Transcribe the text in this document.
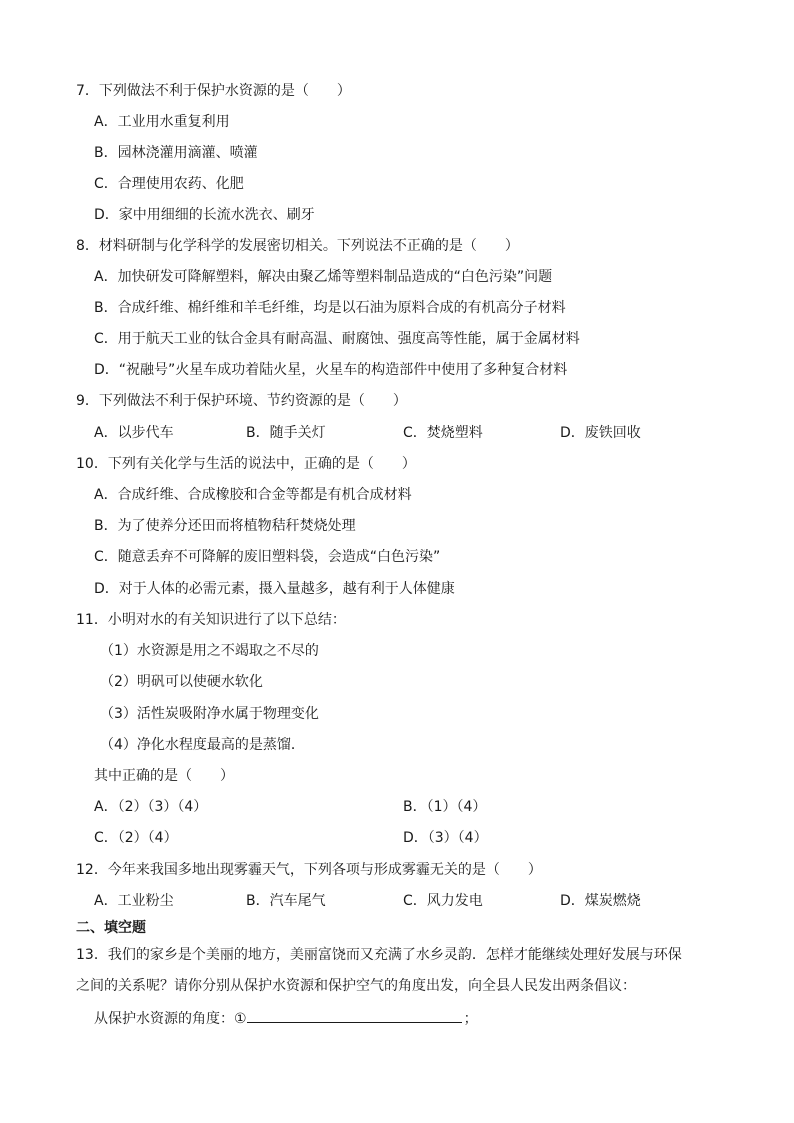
7．下列做法不利于保护水资源的是（　　）
A．工业用水重复利用
B．园林浇灌用滴灌、喷灌
C．合理使用农药、化肥
D．家中用细细的长流水洗衣、刷牙
8．材料研制与化学科学的发展密切相关。下列说法不正确的是（　　）
A．加快研发可降解塑料，解决由聚乙烯等塑料制品造成的“白色污染”问题
B．合成纤维、棉纤维和羊毛纤维，均是以石油为原料合成的有机高分子材料
C．用于航天工业的钛合金具有耐高温、耐腐蚀、强度高等性能，属于金属材料
D．“祝融号”火星车成功着陆火星，火星车的构造部件中使用了多种复合材料
9．下列做法不利于保护环境、节约资源的是（　　）
A．以步代车	B．随手关灯	C．焚烧塑料	D．废铁回收
10．下列有关化学与生活的说法中，正确的是（　　）
A．合成纤维、合成橡胶和合金等都是有机合成材料
B．为了使养分还田而将植物秸秆焚烧处理
C．随意丢弃不可降解的废旧塑料袋，会造成“白色污染”
D．对于人体的必需元素，摄入量越多，越有利于人体健康
11．小明对水的有关知识进行了以下总结：
（1）水资源是用之不竭取之不尽的
（2）明矾可以使硬水软化
（3）活性炭吸附净水属于物理变化
（4）净化水程度最高的是蒸馏．
其中正确的是（　　）
A．（2）（3）（4）	B．（1）（4）
C．（2）（4）	D．（3）（4）
12．今年来我国多地出现雾霾天气，下列各项与形成雾霾无关的是（　　）
A．工业粉尘	B．汽车尾气	C．风力发电	D．煤炭燃烧
二、填空题
13．我们的家乡是个美丽的地方，美丽富饶而又充满了水乡灵韵．怎样才能继续处理好发展与环保
之间的关系呢？请你分别从保护水资源和保护空气的角度出发，向全县人民发出两条倡议：
从保护水资源的角度：①	；
